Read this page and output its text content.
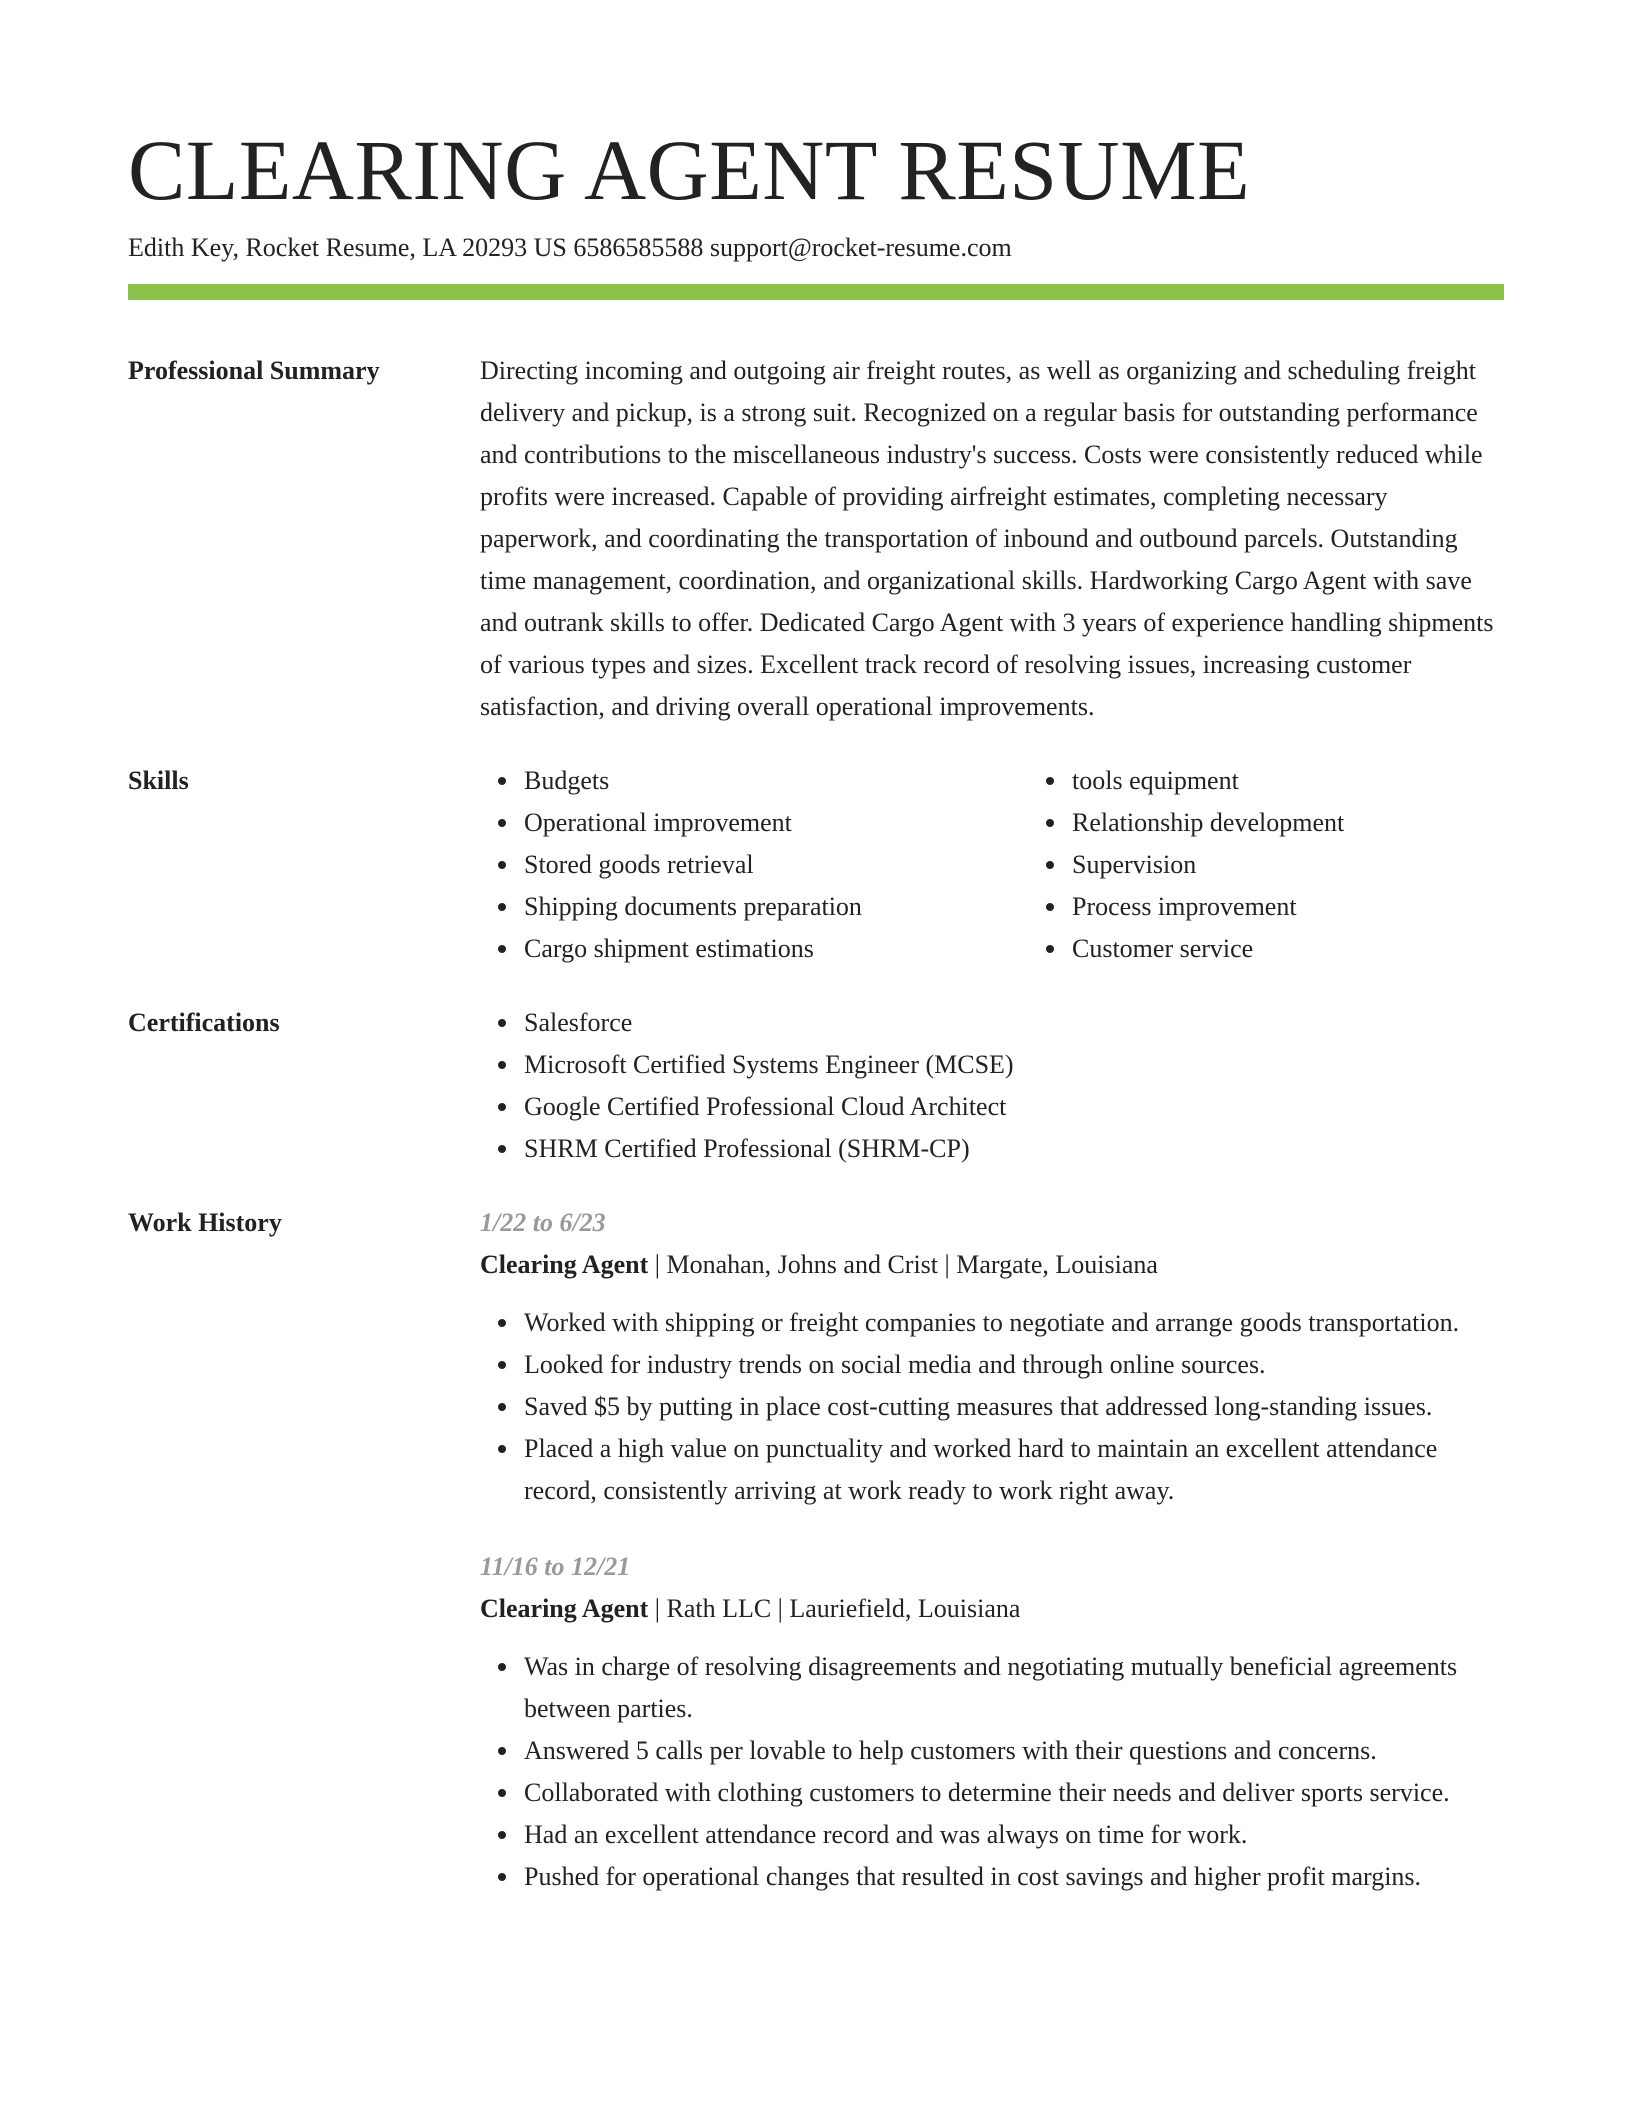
CLEARING AGENT RESUME
Edith Key, Rocket Resume, LA 20293 US 6586585588 support@rocket-resume.com
Professional Summary	Directing incoming and outgoing air freight routes, as well as organizing and scheduling freight delivery and pickup, is a strong suit. Recognized on a regular basis for outstanding performance and contributions to the miscellaneous industry's success. Costs were consistently reduced while profits were increased. Capable of providing airfreight estimates, completing necessary paperwork, and coordinating the transportation of inbound and outbound parcels. Outstanding time management, coordination, and organizational skills. Hardworking Cargo Agent with save and outrank skills to offer. Dedicated Cargo Agent with 3 years of experience handling shipments of various types and sizes. Excellent track record of resolving issues, increasing customer satisfaction, and driving overall operational improvements.
Skills	Budgets
Operational improvement
Stored goods retrieval
Shipping documents preparation
Cargo shipment estimations
tools equipment
Relationship development
Supervision
Process improvement
Customer service
Certifications	Salesforce
Microsoft Certified Systems Engineer (MCSE)
Google Certified Professional Cloud Architect
SHRM Certified Professional (SHRM-CP)
Work History	1/22 to 6/23
Clearing Agent | Monahan, Johns and Crist | Margate, Louisiana
Worked with shipping or freight companies to negotiate and arrange goods transportation.
Looked for industry trends on social media and through online sources.
Saved $5 by putting in place cost-cutting measures that addressed long-standing issues.
Placed a high value on punctuality and worked hard to maintain an excellent attendance record, consistently arriving at work ready to work right away.
11/16 to 12/21
Clearing Agent | Rath LLC | Lauriefield, Louisiana
Was in charge of resolving disagreements and negotiating mutually beneficial agreements between parties.
Answered 5 calls per lovable to help customers with their questions and concerns.
Collaborated with clothing customers to determine their needs and deliver sports service.
Had an excellent attendance record and was always on time for work.
Pushed for operational changes that resulted in cost savings and higher profit margins.
